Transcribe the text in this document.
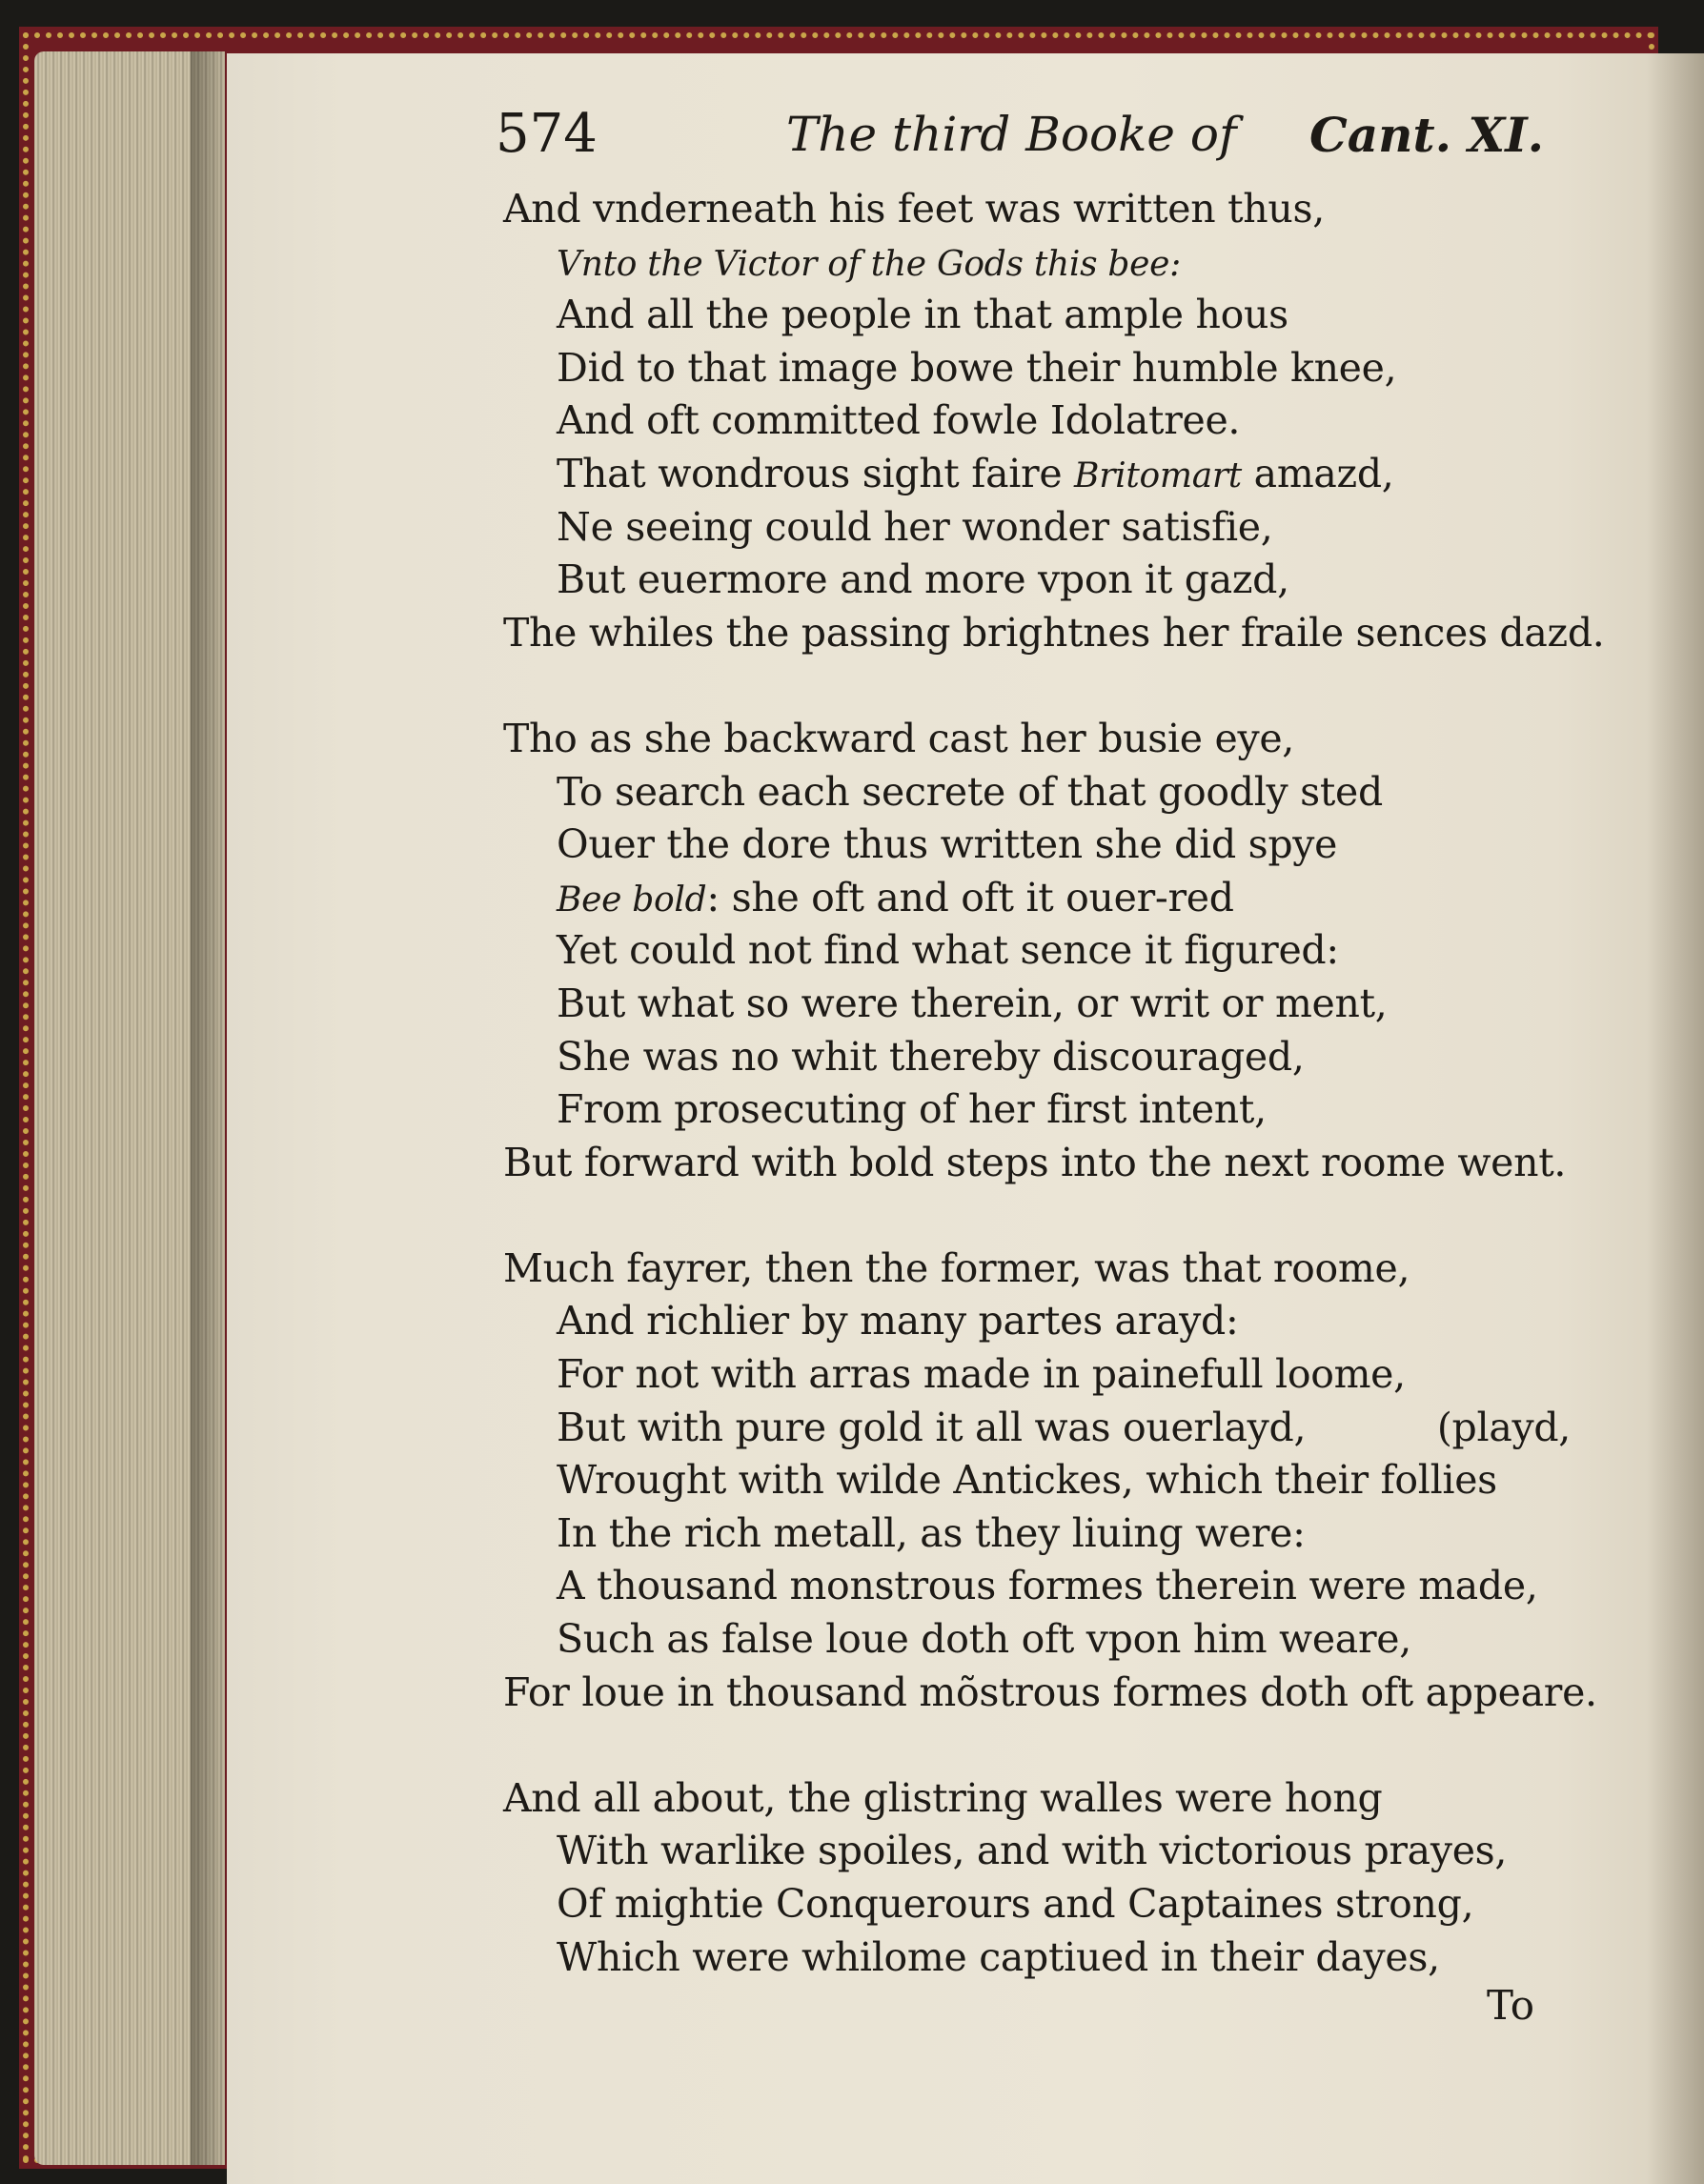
574	The third Booke of Cant. XI.
And vnderneath his feet was written thus,
Vnto the Victor of the Gods this bee:
And all the people in that ample hous
Did to that image bowe their humble knee,
And oft committed fowle Idolatree.
That wondrous sight faire Britomart amazd,
Ne seeing could her wonder satisfie,
But euermore and more vpon it gazd,
The whiles the passing brightnes her fraile sences dazd.
Tho as she backward cast her busie eye,
To search each secrete of that goodly sted
Ouer the dore thus written she did spye
Bee bold: she oft and oft it ouer-red
Yet could not find what sence it figured:
But what so were therein, or writ or ment,
She was no whit thereby discouraged,
From prosecuting of her first intent,
But forward with bold steps into the next roome went.
Much fayrer, then the former, was that roome,
And richlier by many partes arayd:
For not with arras made in painefull loome,
But with pure gold it all was ouerlayd,	(playd,
Wrought with wilde Antickes, which their follies
In the rich metall, as they liuing were:
A thousand monstrous formes therein were made,
Such as false loue doth oft vpon him weare,
For loue in thousand mõstrous formes doth oft appeare.
And all about, the glistring walles were hong
With warlike spoiles, and with victorious prayes,
Of mightie Conquerours and Captaines strong,
Which were whilome captiued in their dayes,
To
